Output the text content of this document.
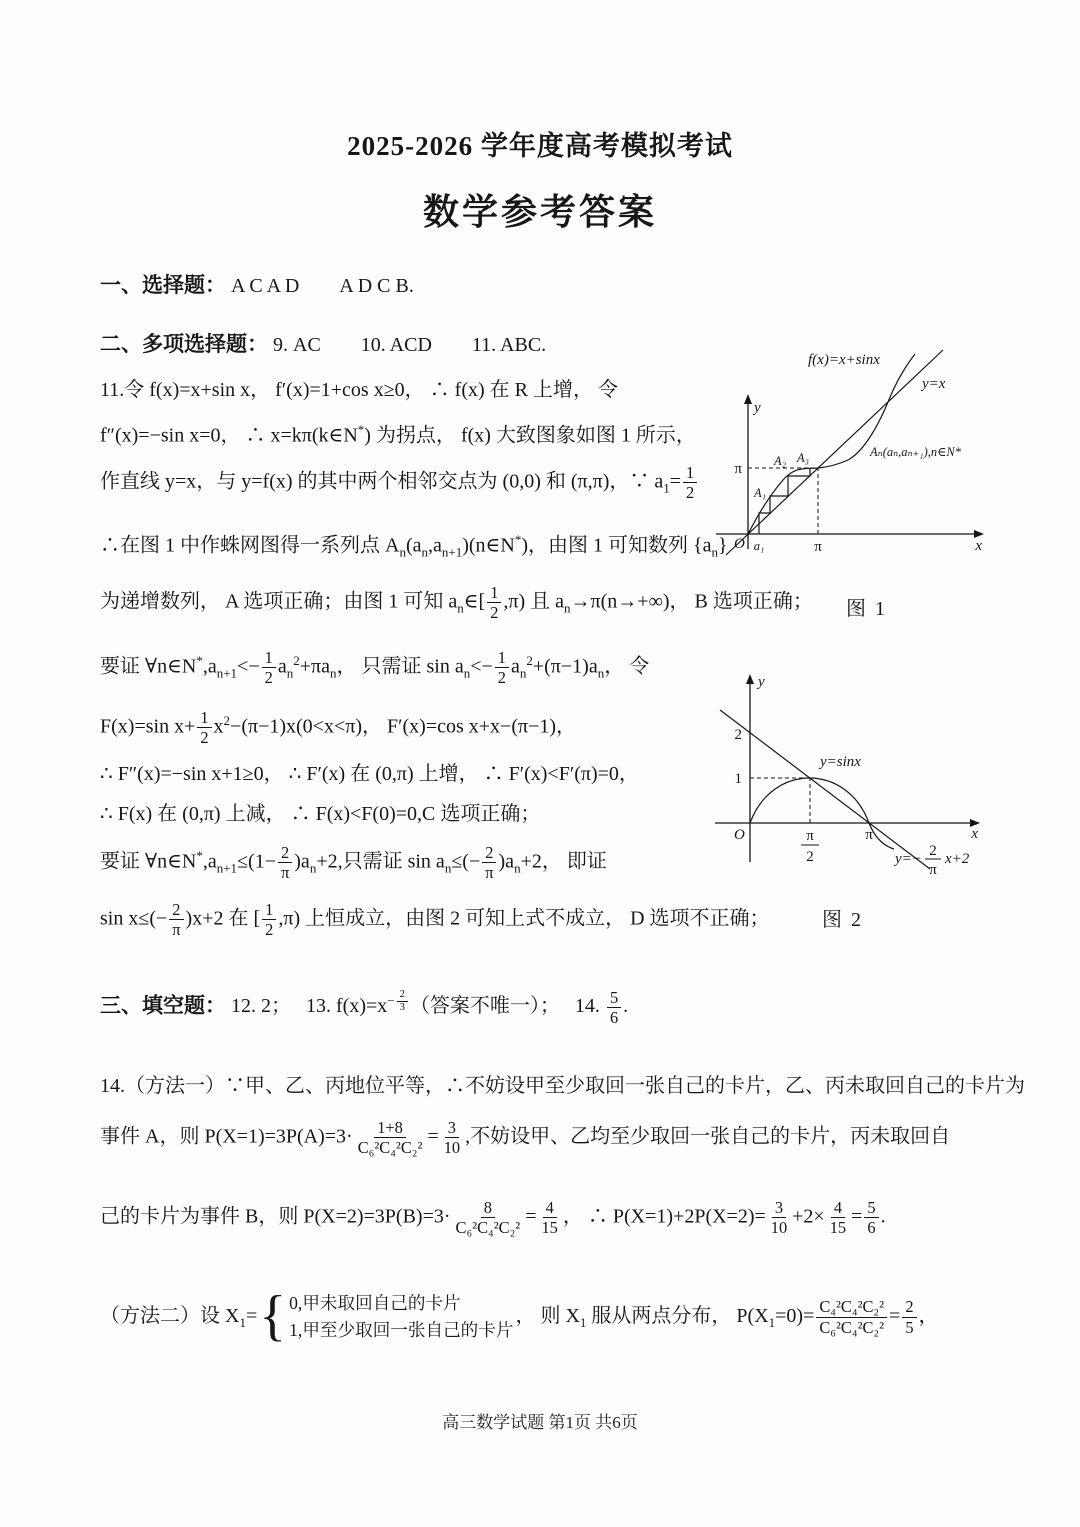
2025-2026 学年度高考模拟考试
数学参考答案
一、选择题： A C A D　　A D C B.
二、多项选择题： 9. AC　　10. ACD　　11. ABC.
11.令 f(x)=x+sin x， f′(x)=1+cos x≥0， ∴ f(x) 在 R 上增， 令
f″(x)=−sin x=0， ∴ x=kπ(k∈N*) 为拐点， f(x) 大致图象如图 1 所示，
作直线 y=x，与 y=f(x) 的其中两个相邻交点为 (0,0) 和 (π,π)，∵ $a_1= \frac{1}{2}$
∴在图 1 中作蛛网图得一系列点 $A_n(a_n,a_{n+1})(n\in N^*)$，由图 1 可知数列 $\{a_n\}$
为递增数列， A 选项正确；由图 1 可知 $a_n\in[ \frac{1}{2} ,\pi)$ 且 $a_n\to\pi(n\to+\infty)$， B 选项正确；
要证 $\forall n\in N^*,a_{n+1}<- \frac{1}{2} a_n^2+\pi a_n$， 只需证 $\sin a_n<- \frac{1}{2} a_n^2+(\pi-1)a_n$， 令
F(x)=sin $x+ \frac{1}{2} x^2-(\pi-1)x(0<x<\pi)$， F′(x)=cos x+x−(π−1)，
∴ F″(x)=−sin x+1≥0， ∴ F′(x) 在 (0,π) 上增， ∴ F′(x)<F′(π)=0，
∴ F(x) 在 (0,π) 上减， ∴ F(x)<F(0)=0,C 选项正确；
要证 $\forall n\in N^*,a_{n+1}\le(1- \frac{2}{\pi} )a_n+2$,只需证 $\sin a_n\le(- \frac{2}{\pi} )a_n+2$， 即证
$\sin x\le(- \frac{2}{\pi} )x+2$ 在 [ $\frac{1}{2} ,\pi$) 上恒成立，由图 2 可知上式不成立， D 选项不正确；
f(x)=x+sinx
y=x
Aₙ(aₙ,aₙ₊₁),n∈N*
A₁
A₂ A₃
π
π
a₁
O	x
y
图 1
2
1
y=sinx
O	π
2
π	x
y
y=− 2
π
x+2
图 2
三、填空题： 12. 2；　 13. $f(x)=x^{- \frac{2}{3}}$ （答案不唯一）；　 14. $\frac{5}{6}$ .
14.（方法一）∵甲、乙、丙地位平等，∴不妨设甲至少取回一张自己的卡片，乙、丙未取回自己的卡片为
事件 A，则 $P(X=1)=3P(A)=3\cdot \frac{1+8}{\text{C₆²C₄²C₂²}} = \frac{3}{10}$ ,不妨设甲、乙均至少取回一张自己的卡片，丙未取回自
己的卡片为事件 B，则 $P(X=2)=3P(B)=3\cdot \frac{8}{\text{C₆²C₄²C₂²}} = \frac{4}{15}$ ， ∴ $P(X=1)+2P(X=2)= \frac{3}{10} +2\times \frac{4}{15} = \frac{5}{6}$ .
（方法二）设 $X_1=$ { 0,甲未取回自己的卡片
1,甲至少取回一张自己的卡片
， 则 $X_1$ 服从两点分布， $P(X_1=0)= \frac{\text{C₄²C₄²C₂²}}{\text{C₆²C₄²C₂²}} = \frac{2}{5}$ ，
高三数学试题 第1页 共6页
